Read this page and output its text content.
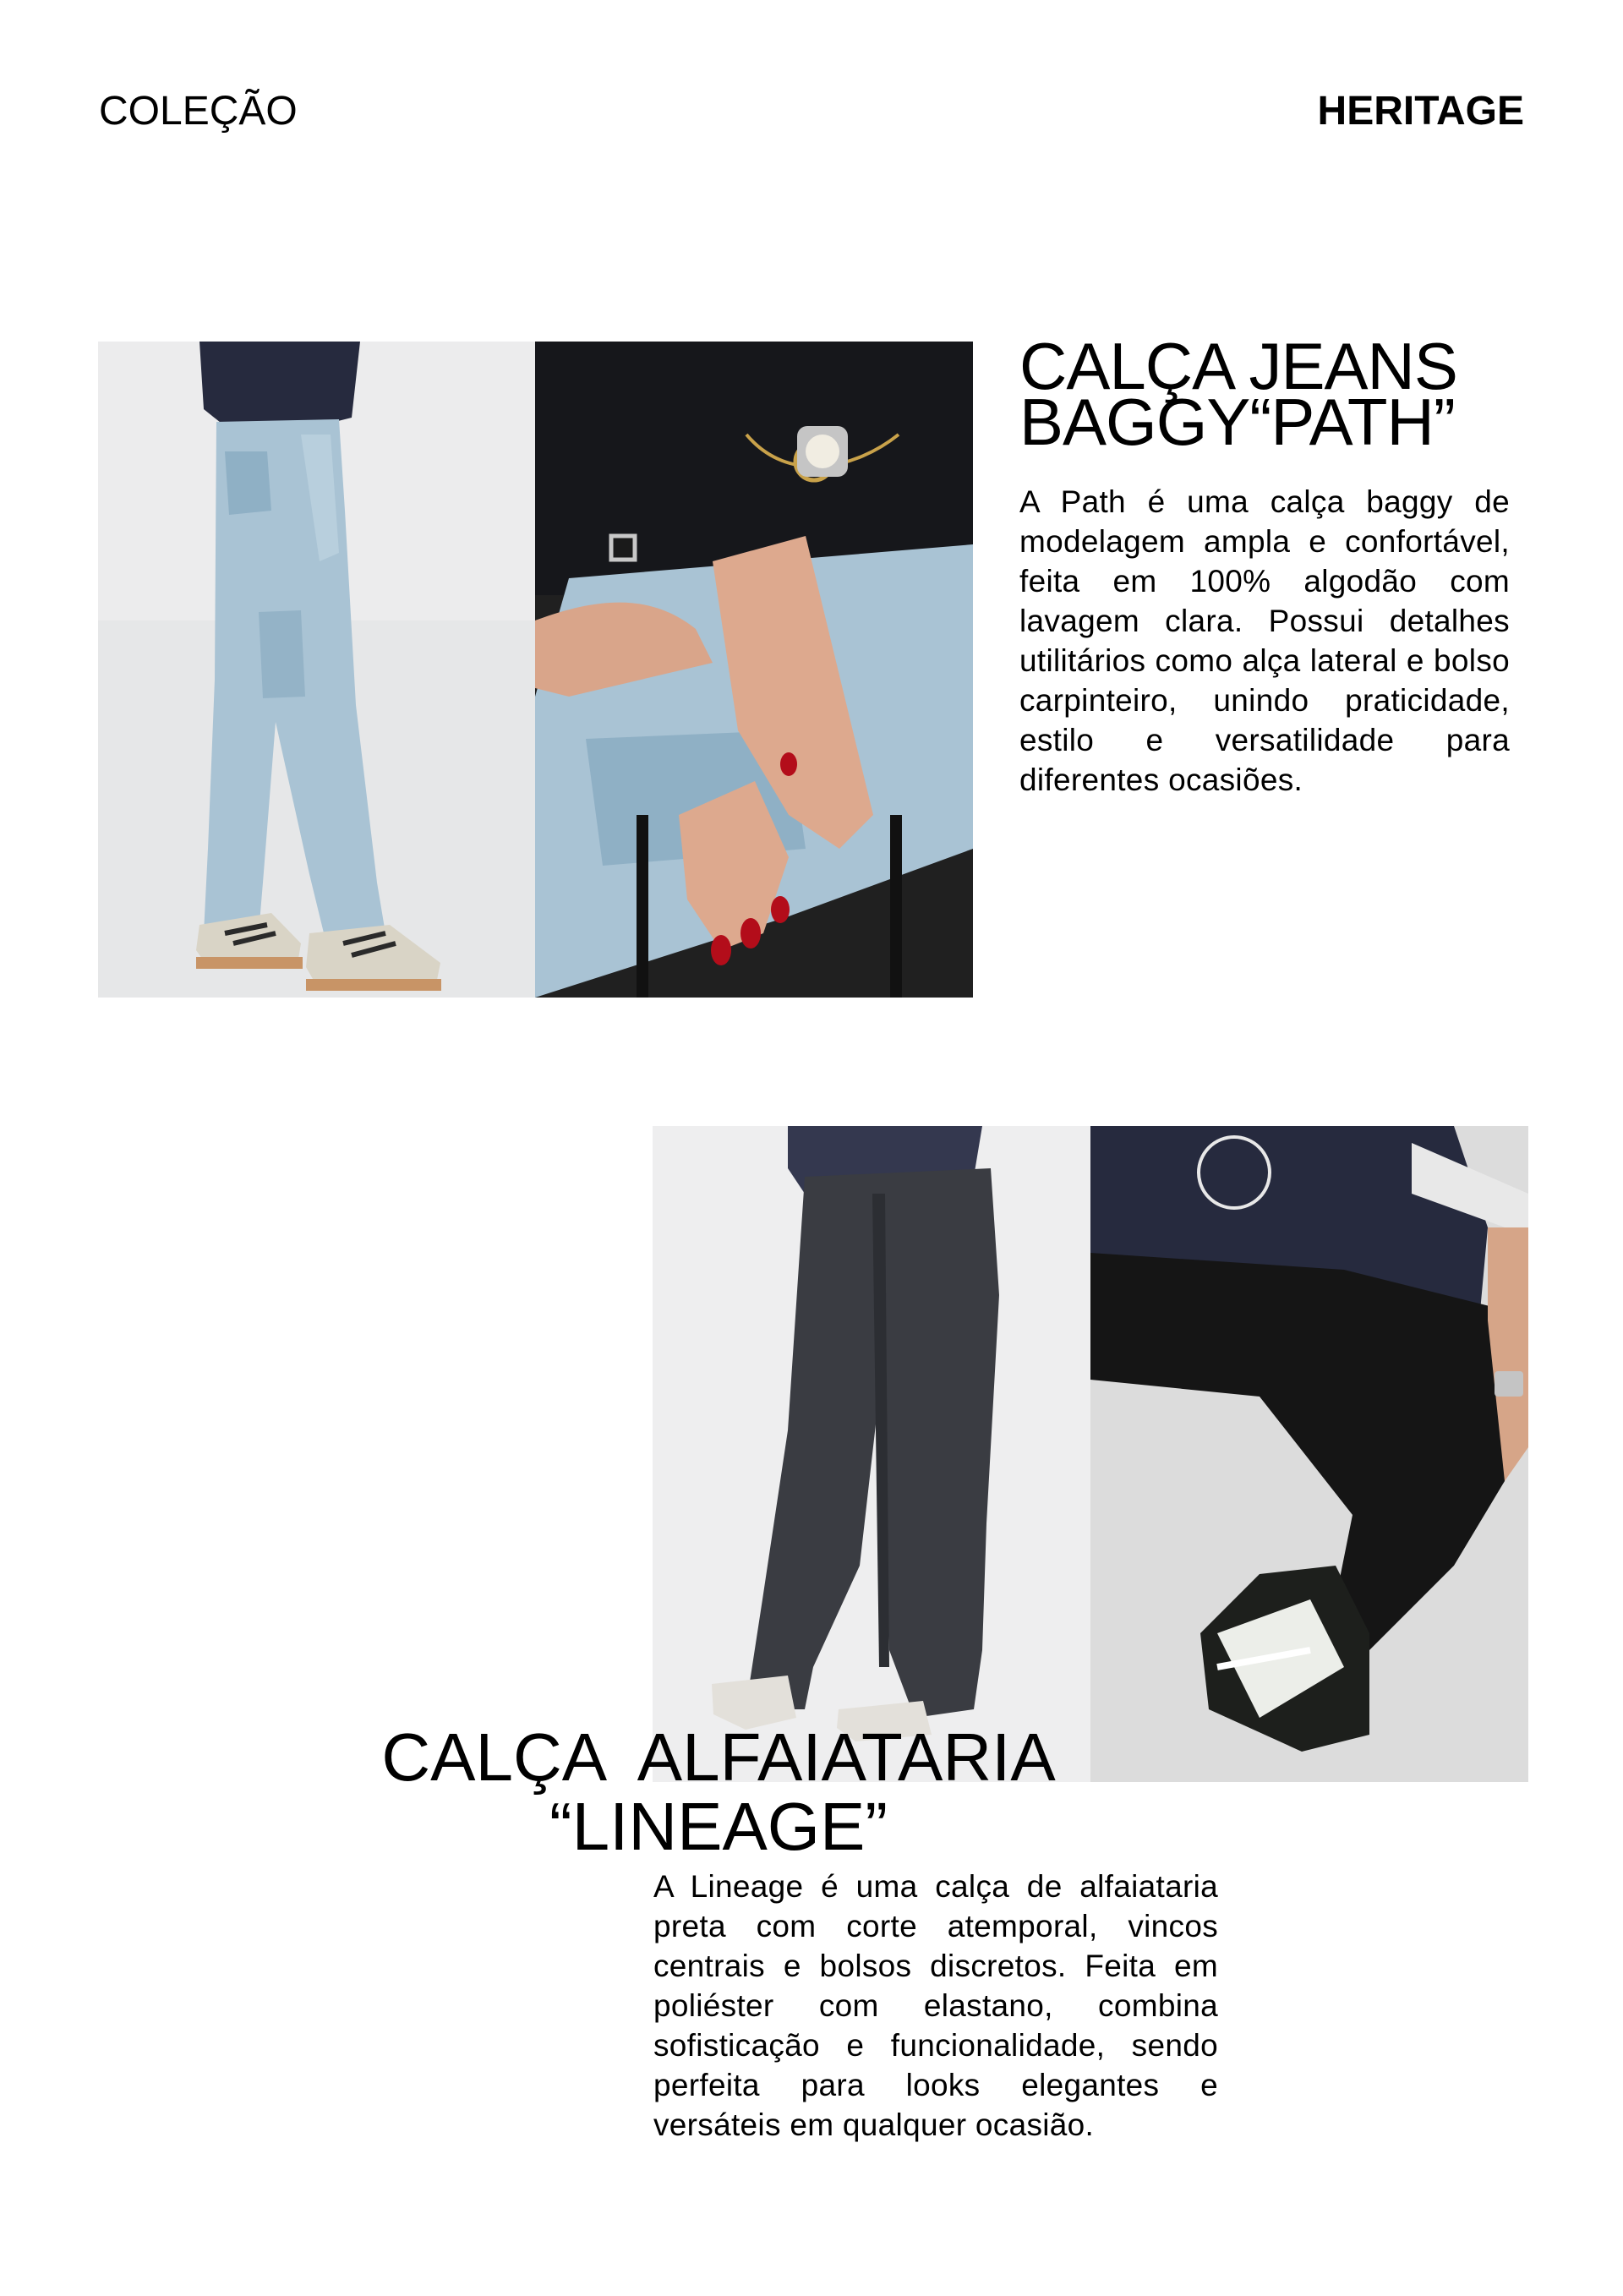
COLEÇÃO	HERITAGE
CALÇA JEANS
BAGGY“PATH”

A Path é uma calça baggy de modelagem ampla e confortável, feita em 100% algodão com lavagem clara. Possui detalhes utilitários como alça lateral e bolso carpinteiro, unindo praticidade, estilo e versatilidade para diferentes ocasiões.

CALÇA  ALFAIATARIA
“LINEAGE”

A Lineage é uma calça de alfaiataria preta com corte atemporal, vincos centrais e bolsos discretos. Feita em poliéster com elastano, combina sofisticação e funcionalidade, sendo perfeita para looks elegantes e versáteis em qualquer ocasião.
